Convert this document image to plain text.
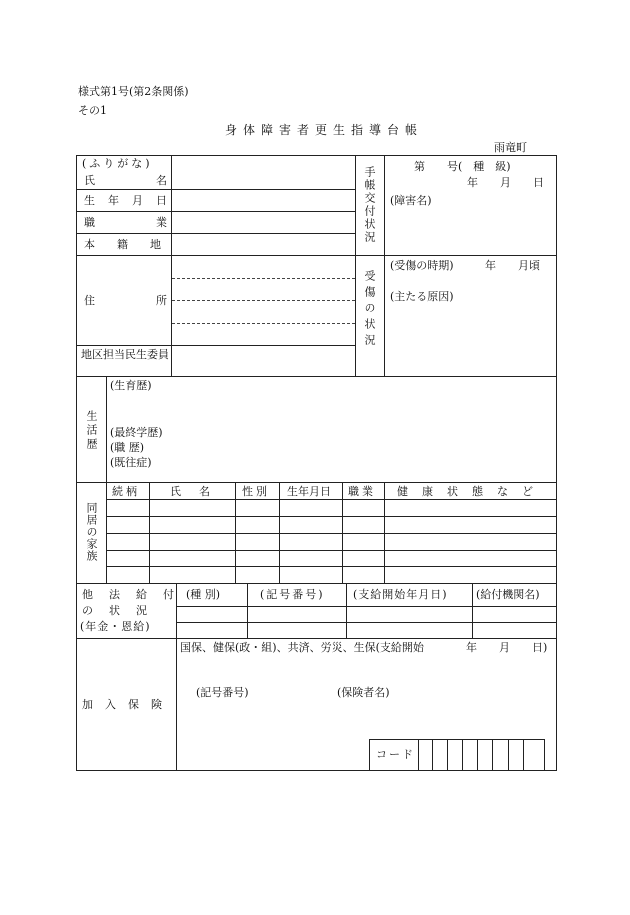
様式第1号(第2条関係)
その1
身体障害者更生指導台帳
雨竜町
(ふりがな)
氏	名
生年月日
職	業
本籍地
住	所
地区担当民生委員
手帳交付状況	第　　号(　種　級)
年　　月　　日
(障害名)
受傷の状況
(受傷の時期)	年　　月頃
(主たる原因)
生活歴
(生育歴)
(最終学歴)
(職 歴)
(既往症)
同居の家族
続柄	氏名 性別 生年月日 職業 健康状態など
他法給付
の状況
(年金・恩給)
(種 別)	(記号番号)	(支給開始年月日)	(給付機関名)
加入保険
国保、健保(政・組)、共済、労災、生保(支給開始	年　　月　　日)
(記号番号)	(保険者名)
コード
